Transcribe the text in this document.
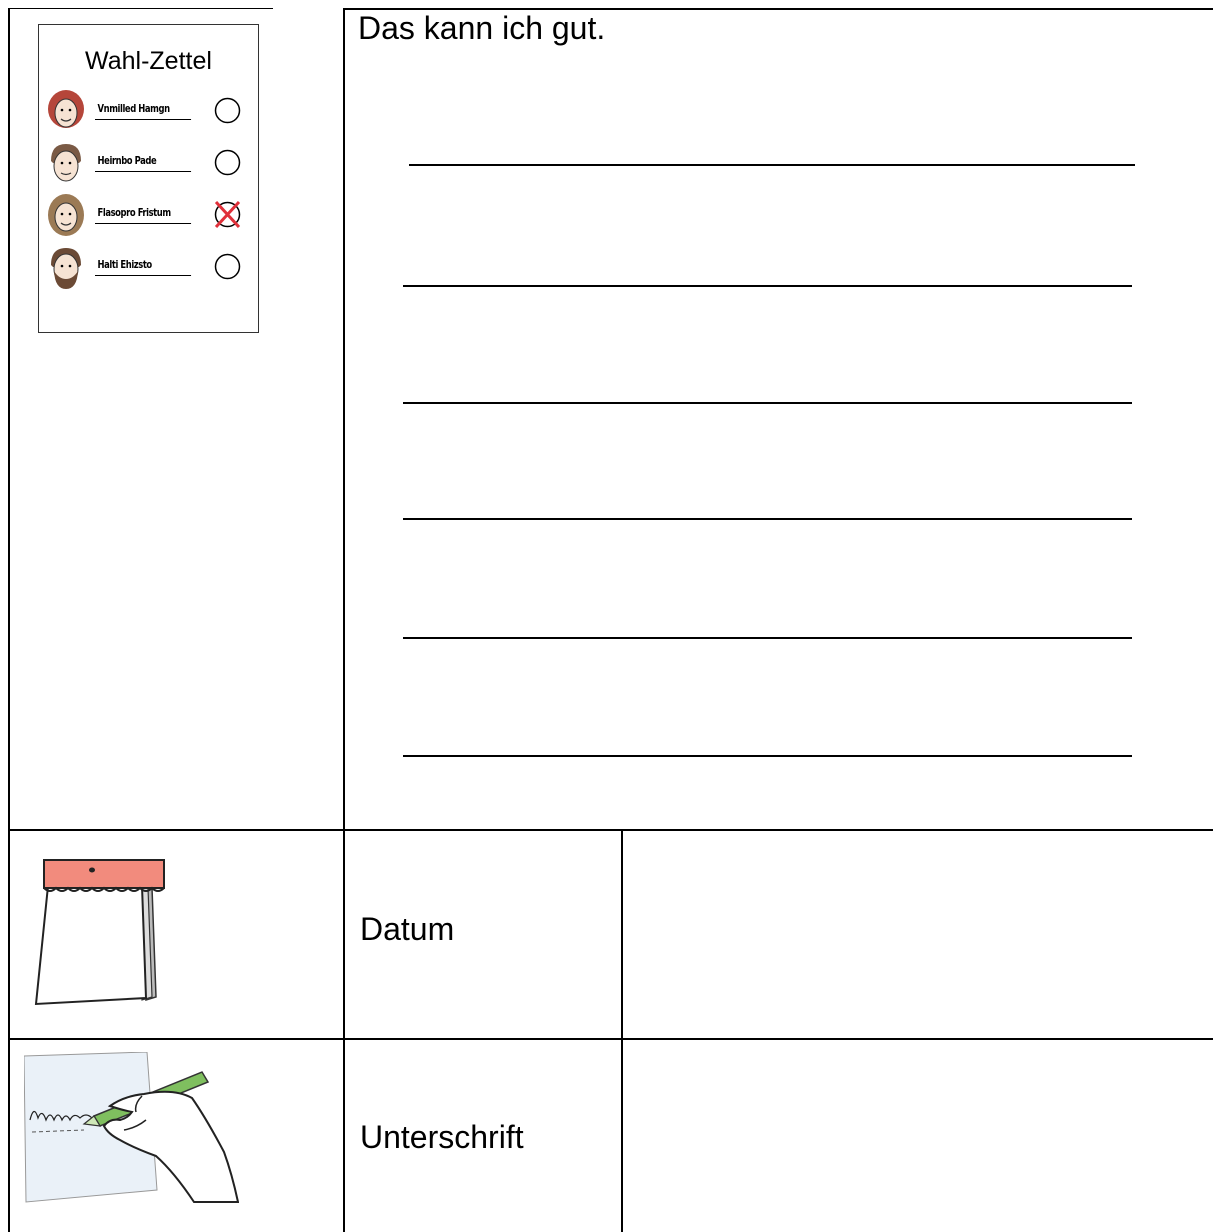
Wahl-Zettel
Vnmilled Hamgn
Heirnbo Pade
Flasopro Fristum
Halti Ehizsto
Das kann ich gut.
Datum
Unterschrift
